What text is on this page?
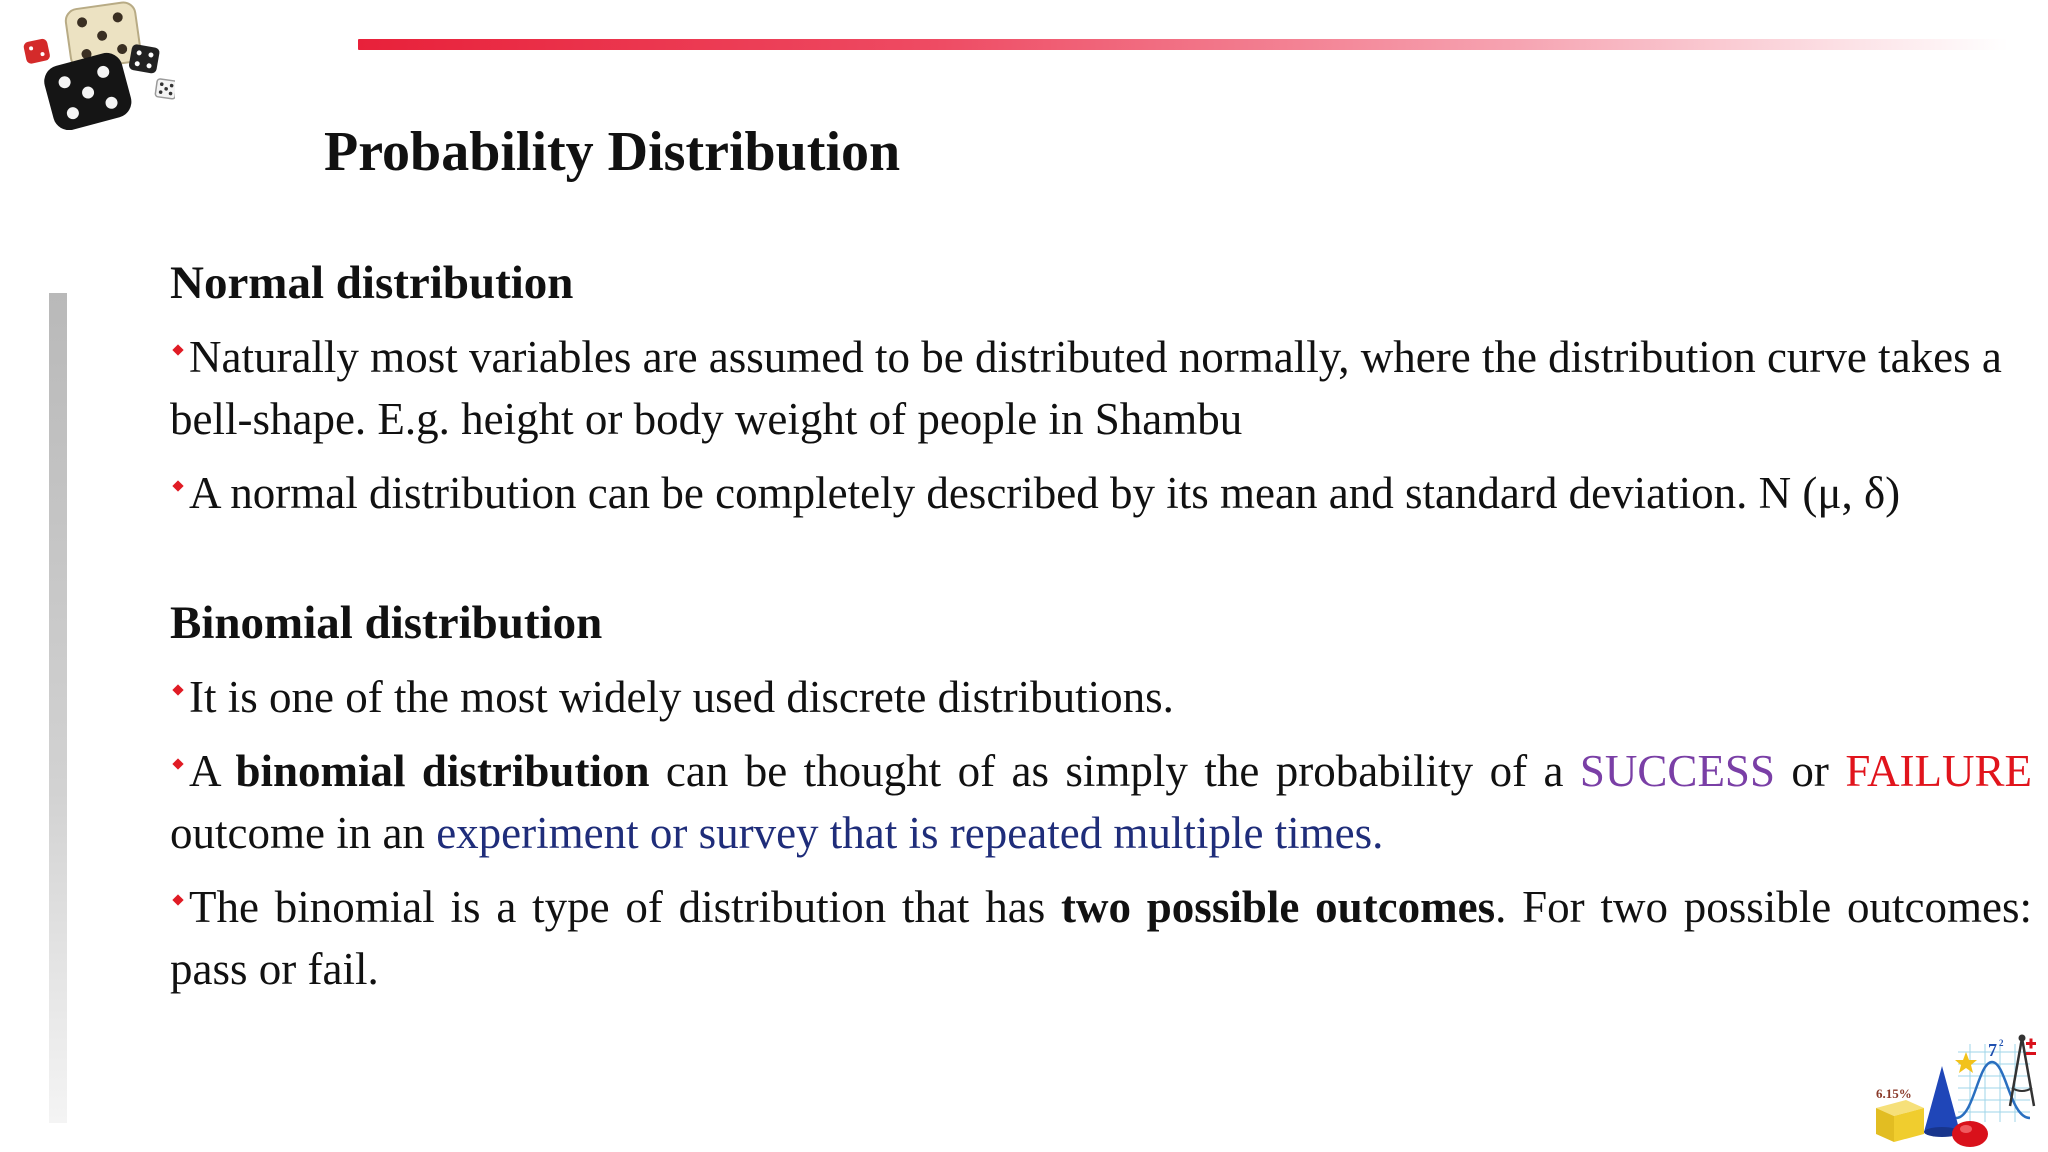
Probability Distribution

Normal distribution

Naturally most variables are assumed to be distributed normally, where the distribution curve takes a bell-shape. E.g. height or body weight of people in Shambu

A normal distribution can be completely described by its mean and standard deviation. N (μ, δ)

Binomial distribution

It is one of the most widely used discrete distributions.

A binomial distribution can be thought of as simply the probability of a SUCCESS or FAILURE outcome in an experiment or survey that is repeated multiple times.

The binomial is a type of distribution that has two possible outcomes. For two possible outcomes: pass or fail.

6.15%
7 2
